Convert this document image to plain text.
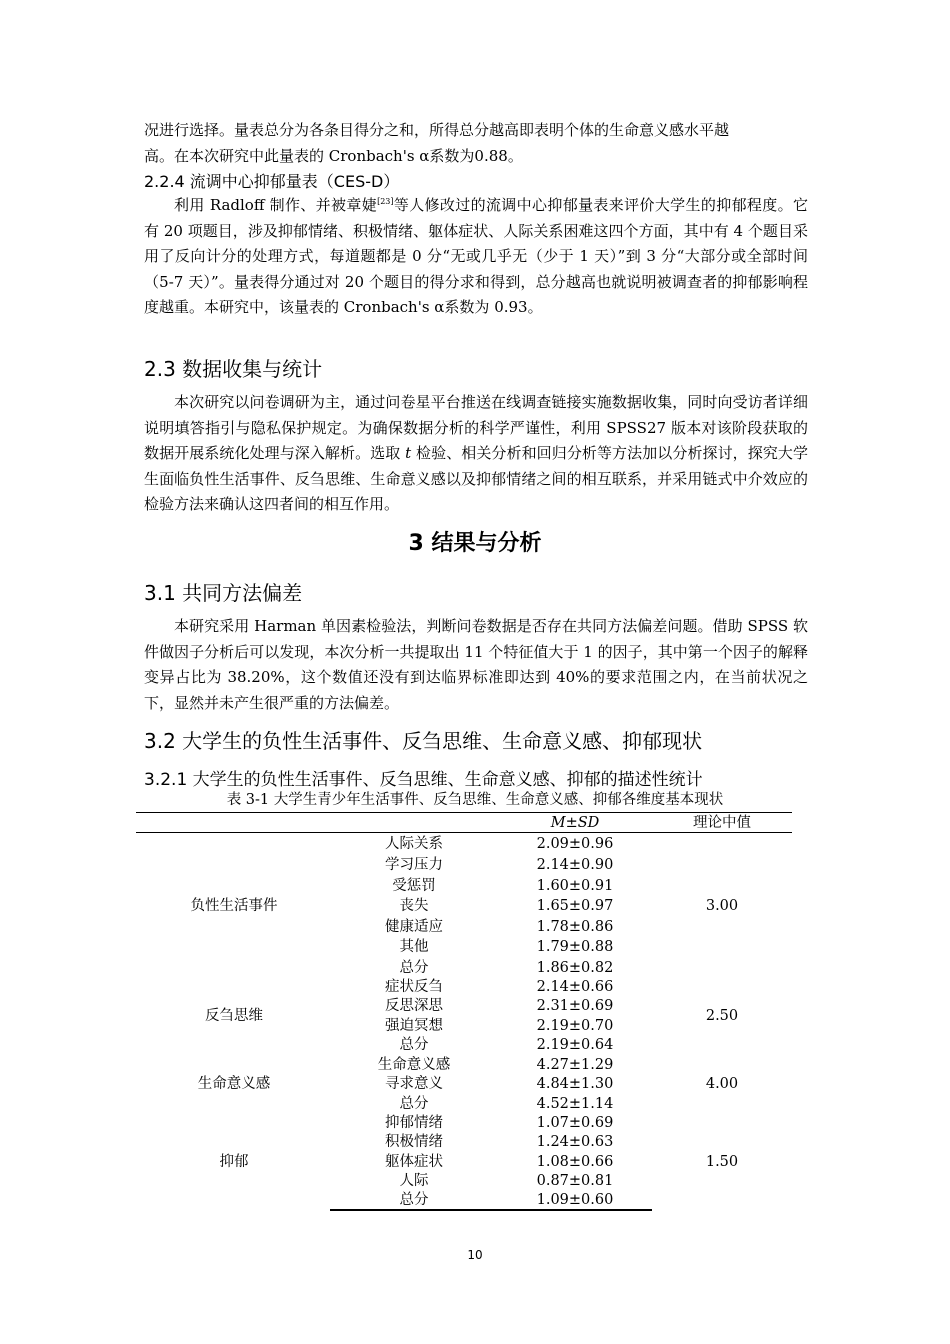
况进行选择。量表总分为各条目得分之和，所得总分越高即表明个体的生命意义感水平越
高。在本次研究中此量表的 Cronbach's α系数为0.88。
2.2.4 流调中心抑郁量表（CES-D）
利用 Radloff 制作、并被章婕[23]等人修改过的流调中心抑郁量表来评价大学生的抑郁程度。它有 20 项题目，涉及抑郁情绪、积极情绪、躯体症状、人际关系困难这四个方面，其中有 4 个题目采用了反向计分的处理方式，每道题都是 0 分“无或几乎无（少于 1 天）”到 3 分“大部分或全部时间（5-7 天）”。量表得分通过对 20 个题目的得分求和得到，总分越高也就说明被调查者的抑郁影响程度越重。本研究中，该量表的 Cronbach's α系数为 0.93。
2.3 数据收集与统计
本次研究以问卷调研为主，通过问卷星平台推送在线调查链接实施数据收集，同时向受访者详细说明填答指引与隐私保护规定。为确保数据分析的科学严谨性，利用 SPSS27 版本对该阶段获取的数据开展系统化处理与深入解析。选取 t 检验、相关分析和回归分析等方法加以分析探讨，探究大学生面临负性生活事件、反刍思维、生命意义感以及抑郁情绪之间的相互联系，并采用链式中介效应的检验方法来确认这四者间的相互作用。
3 结果与分析
3.1 共同方法偏差
本研究采用 Harman 单因素检验法，判断问卷数据是否存在共同方法偏差问题。借助 SPSS 软件做因子分析后可以发现，本次分析一共提取出 11 个特征值大于 1 的因子，其中第一个因子的解释变异占比为 38.20%，这个数值还没有到达临界标准即达到 40%的要求范围之内，在当前状况之下，显然并未产生很严重的方法偏差。
3.2 大学生的负性生活事件、反刍思维、生命意义感、抑郁现状
3.2.1 大学生的负性生活事件、反刍思维、生命意义感、抑郁的描述性统计
表 3-1 大学生青少年生活事件、反刍思维、生命意义感、抑郁各维度基本现状
M±SD	理论中值
负性生活事件	3.00
人际关系	2.09±0.96
学习压力	2.14±0.90
受惩罚	1.60±0.91
丧失	1.65±0.97
健康适应	1.78±0.86
其他	1.79±0.88
总分	1.86±0.82
反刍思维	2.50
症状反刍	2.14±0.66
反思深思	2.31±0.69
强迫冥想	2.19±0.70
总分	2.19±0.64
生命意义感	4.00
生命意义感	4.27±1.29
寻求意义	4.84±1.30
总分	4.52±1.14
抑郁	1.50
抑郁情绪	1.07±0.69
积极情绪	1.24±0.63
躯体症状	1.08±0.66
人际	0.87±0.81
总分	1.09±0.60
10
